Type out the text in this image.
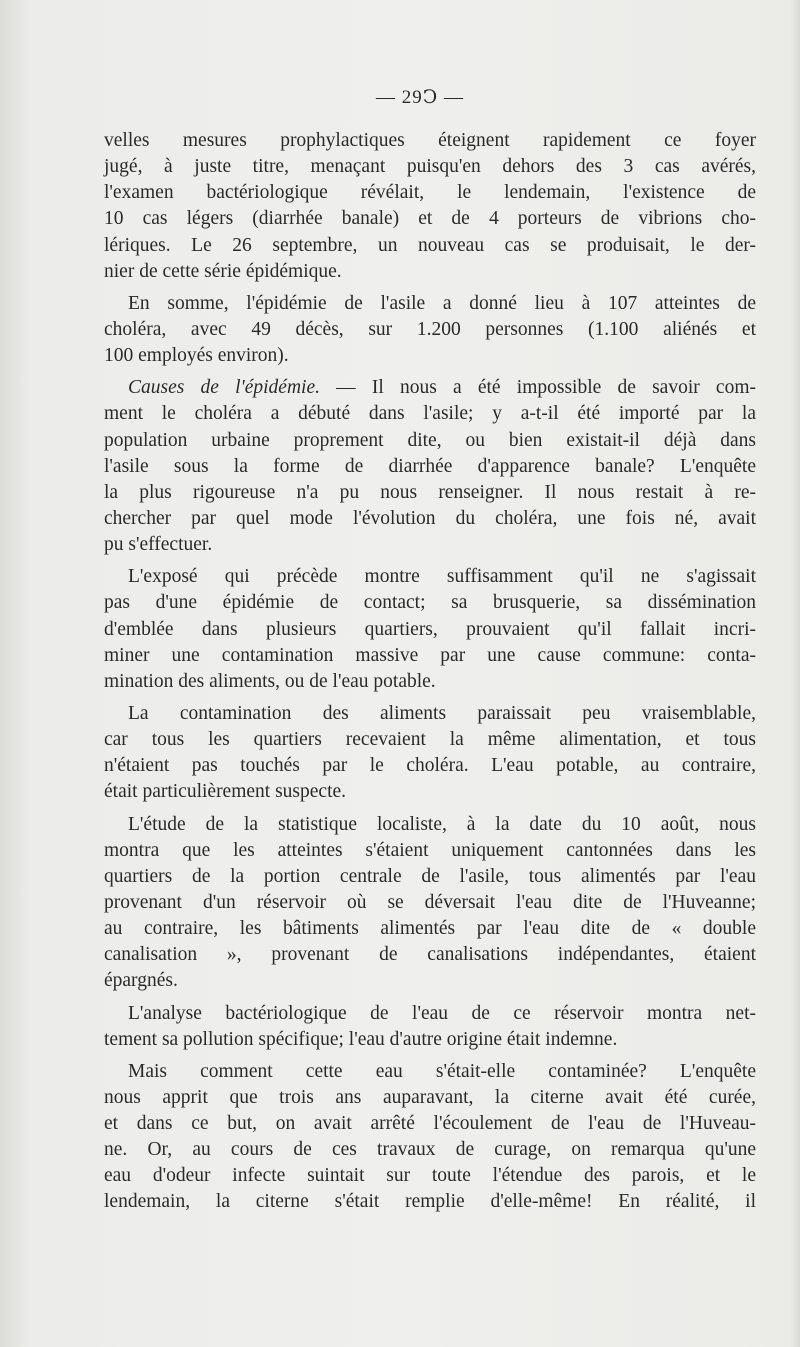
— 29Ↄ —
velles mesures prophylactiques éteignent rapidement ce foyer
jugé, à juste titre, menaçant puisqu'en dehors des 3 cas avérés,
l'examen bactériologique révélait, le lendemain, l'existence de
10 cas légers (diarrhée banale) et de 4 porteurs de vibrions cho-
lériques. Le 26 septembre, un nouveau cas se produisait, le der-
nier de cette série épidémique.
En somme, l'épidémie de l'asile a donné lieu à 107 atteintes de
choléra, avec 49 décès, sur 1.200 personnes (1.100 aliénés et
100 employés environ).
Causes de l'épidémie. — Il nous a été impossible de savoir com-
ment le choléra a débuté dans l'asile; y a-t-il été importé par la
population urbaine proprement dite, ou bien existait-il déjà dans
l'asile sous la forme de diarrhée d'apparence banale? L'enquête
la plus rigoureuse n'a pu nous renseigner. Il nous restait à re-
chercher par quel mode l'évolution du choléra, une fois né, avait
pu s'effectuer.
L'exposé qui précède montre suffisamment qu'il ne s'agissait
pas d'une épidémie de contact; sa brusquerie, sa dissémination
d'emblée dans plusieurs quartiers, prouvaient qu'il fallait incri-
miner une contamination massive par une cause commune: conta-
mination des aliments, ou de l'eau potable.
La contamination des aliments paraissait peu vraisemblable,
car tous les quartiers recevaient la même alimentation, et tous
n'étaient pas touchés par le choléra. L'eau potable, au contraire,
était particulièrement suspecte.
L'étude de la statistique localiste, à la date du 10 août, nous
montra que les atteintes s'étaient uniquement cantonnées dans les
quartiers de la portion centrale de l'asile, tous alimentés par l'eau
provenant d'un réservoir où se déversait l'eau dite de l'Huveanne;
au contraire, les bâtiments alimentés par l'eau dite de « double
canalisation », provenant de canalisations indépendantes, étaient
épargnés.
L'analyse bactériologique de l'eau de ce réservoir montra net-
tement sa pollution spécifique; l'eau d'autre origine était indemne.
Mais comment cette eau s'était-elle contaminée? L'enquête
nous apprit que trois ans auparavant, la citerne avait été curée,
et dans ce but, on avait arrêté l'écoulement de l'eau de l'Huveau-
ne. Or, au cours de ces travaux de curage, on remarqua qu'une
eau d'odeur infecte suintait sur toute l'étendue des parois, et le
lendemain, la citerne s'était remplie d'elle-même! En réalité, il
